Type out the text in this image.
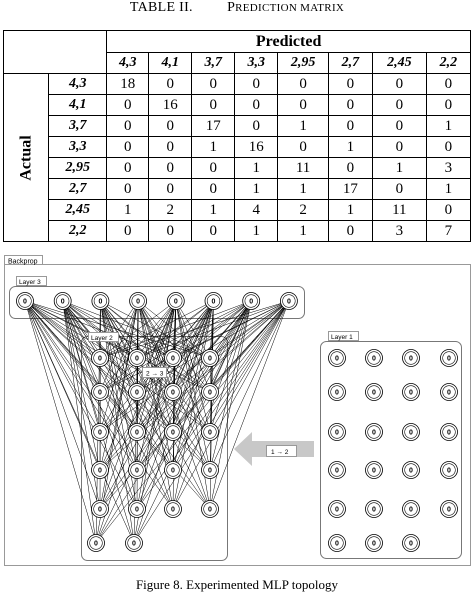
TABLE II. PREDICTION MATRIX
		Predicted							
		4,3	4,1	3,7	3,3	2,95	2,7	2,45	2,2
Actual	4,3	18	0	0	0	0	0	0	0
	4,1	0	16	0	0	0	0	0	0
	3,7	0	0	17	0	1	0	0	1
	3,3	0	0	1	16	0	1	0	0
	2,95	0	0	0	1	11	0	1	3
	2,7	0	0	0	1	1	17	0	1
	2,45	1	2	1	4	2	1	11	0
	2,2	0	0	0	1	1	0	3	7
Backprop
Layer 3
Layer 1
0	0	0	0	0	0	0	0
0	0	0	0
0	0	0	0
0	0	0	0
0	0	0	0
0	0	0	0
0	0
0	0	0	0
0	0	0	0
0	0	0	0
0	0	0	0
0	0	0	0
0	0	0
Layer 2
2 → 3
1 → 2
Figure 8. Experimented MLP topology
